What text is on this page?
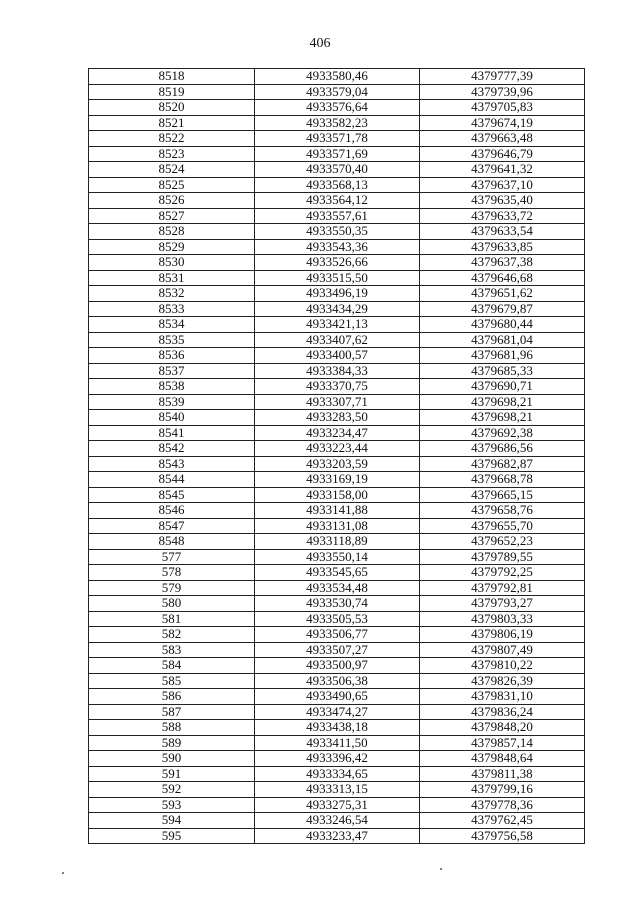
406
8518	4933580,46	4379777,39
8519	4933579,04	4379739,96
8520	4933576,64	4379705,83
8521	4933582,23	4379674,19
8522	4933571,78	4379663,48
8523	4933571,69	4379646,79
8524	4933570,40	4379641,32
8525	4933568,13	4379637,10
8526	4933564,12	4379635,40
8527	4933557,61	4379633,72
8528	4933550,35	4379633,54
8529	4933543,36	4379633,85
8530	4933526,66	4379637,38
8531	4933515,50	4379646,68
8532	4933496,19	4379651,62
8533	4933434,29	4379679,87
8534	4933421,13	4379680,44
8535	4933407,62	4379681,04
8536	4933400,57	4379681,96
8537	4933384,33	4379685,33
8538	4933370,75	4379690,71
8539	4933307,71	4379698,21
8540	4933283,50	4379698,21
8541	4933234,47	4379692,38
8542	4933223,44	4379686,56
8543	4933203,59	4379682,87
8544	4933169,19	4379668,78
8545	4933158,00	4379665,15
8546	4933141,88	4379658,76
8547	4933131,08	4379655,70
8548	4933118,89	4379652,23
577	4933550,14	4379789,55
578	4933545,65	4379792,25
579	4933534,48	4379792,81
580	4933530,74	4379793,27
581	4933505,53	4379803,33
582	4933506,77	4379806,19
583	4933507,27	4379807,49
584	4933500,97	4379810,22
585	4933506,38	4379826,39
586	4933490,65	4379831,10
587	4933474,27	4379836,24
588	4933438,18	4379848,20
589	4933411,50	4379857,14
590	4933396,42	4379848,64
591	4933334,65	4379811,38
592	4933313,15	4379799,16
593	4933275,31	4379778,36
594	4933246,54	4379762,45
595	4933233,47	4379756,58
